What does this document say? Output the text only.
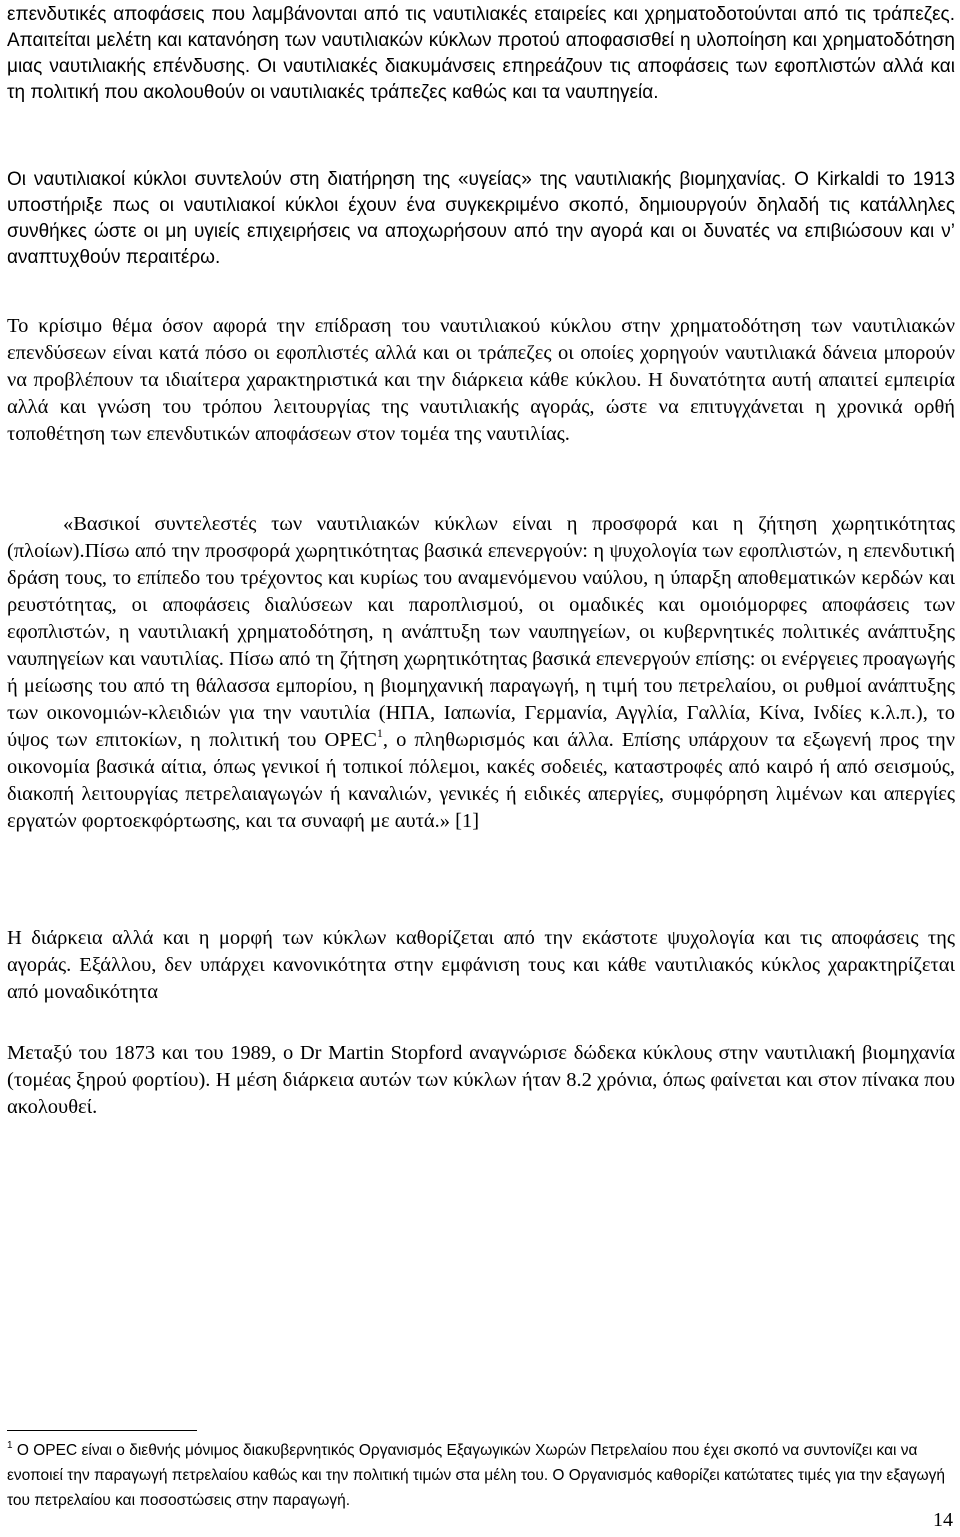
επενδυτικές αποφάσεις που λαμβάνονται από τις ναυτιλιακές εταιρείες και χρηματοδοτούνται από τις τράπεζες. Απαιτείται μελέτη και κατανόηση των ναυτιλιακών κύκλων προτού αποφασισθεί η υλοποίηση και χρηματοδότηση μιας ναυτιλιακής επένδυσης. Οι ναυτιλιακές διακυμάνσεις επηρεάζουν τις αποφάσεις των εφοπλιστών αλλά και τη πολιτική που ακολουθούν οι ναυτιλιακές τράπεζες καθώς και τα ναυπηγεία.

Οι ναυτιλιακοί κύκλοι συντελούν στη διατήρηση της «υγείας» της ναυτιλιακής βιομηχανίας. Ο Kirkaldi το 1913 υποστήριξε πως οι ναυτιλιακοί κύκλοι έχουν ένα συγκεκριμένο σκοπό, δημιουργούν δηλαδή τις κατάλληλες συνθήκες ώστε οι μη υγιείς επιχειρήσεις να αποχωρήσουν από την αγορά και οι δυνατές να επιβιώσουν και ν’ αναπτυχθούν περαιτέρω.

Το κρίσιμο θέμα όσον αφορά την επίδραση του ναυτιλιακού κύκλου στην χρηματοδότηση των ναυτιλιακών επενδύσεων είναι κατά πόσο οι εφοπλιστές αλλά και οι τράπεζες οι οποίες χορηγούν ναυτιλιακά δάνεια μπορούν να προβλέπουν τα ιδιαίτερα χαρακτηριστικά και την διάρκεια κάθε κύκλου. Η δυνατότητα αυτή απαιτεί εμπειρία αλλά και γνώση του τρόπου λειτουργίας της ναυτιλιακής αγοράς, ώστε να επιτυγχάνεται η χρονικά ορθή τοποθέτηση των επενδυτικών αποφάσεων στον τομέα της ναυτιλίας.

«Βασικοί συντελεστές των ναυτιλιακών κύκλων είναι η προσφορά και η ζήτηση χωρητικότητας (πλοίων).Πίσω από την προσφορά χωρητικότητας βασικά επενεργούν: η ψυχολογία των εφοπλιστών, η επενδυτική δράση τους, το επίπεδο του τρέχοντος και κυρίως του αναμενόμενου ναύλου, η ύπαρξη αποθεματικών κερδών και ρευστότητας, οι αποφάσεις διαλύσεων και παροπλισμού, οι ομαδικές και ομοιόμορφες αποφάσεις των εφοπλιστών, η ναυτιλιακή χρηματοδότηση, η ανάπτυξη των ναυπηγείων, οι κυβερνητικές πολιτικές ανάπτυξης ναυπηγείων και ναυτιλίας. Πίσω από τη ζήτηση χωρητικότητας βασικά επενεργούν επίσης: οι ενέργειες προαγωγής ή μείωσης του από τη θάλασσα εμπορίου, η βιομηχανική παραγωγή, η τιμή του πετρελαίου, οι ρυθμοί ανάπτυξης των οικονομιών-κλειδιών για την ναυτιλία (ΗΠΑ, Ιαπωνία, Γερμανία, Αγγλία, Γαλλία, Κίνα, Ινδίες κ.λ.π.), το ύψος των επιτοκίων, η πολιτική του OPEC$^1$, ο πληθωρισμός και άλλα. Επίσης υπάρχουν τα εξωγενή προς την οικονομία βασικά αίτια, όπως γενικοί ή τοπικοί πόλεμοι, κακές σοδειές, καταστροφές από καιρό ή από σεισμούς, διακοπή λειτουργίας πετρελαιαγωγών ή καναλιών, γενικές ή ειδικές απεργίες, συμφόρηση λιμένων και απεργίες εργατών φορτοεκφόρτωσης, και τα συναφή με αυτά.» [1]

Η διάρκεια αλλά και η μορφή των κύκλων καθορίζεται από την εκάστοτε ψυχολογία και τις αποφάσεις της αγοράς. Εξάλλου, δεν υπάρχει κανονικότητα στην εμφάνιση τους και κάθε ναυτιλιακός κύκλος χαρακτηρίζεται από μοναδικότητα

Μεταξύ του 1873 και του 1989, ο Dr Martin Stopford αναγνώρισε δώδεκα κύκλους στην ναυτιλιακή βιομηχανία (τομέας ξηρού φορτίου). Η μέση διάρκεια αυτών των κύκλων ήταν 8.2 χρόνια, όπως φαίνεται και στον πίνακα που ακολουθεί.

$^1$ Ο OPEC είναι ο διεθνής μόνιμος διακυβερνητικός Οργανισμός Εξαγωγικών Χωρών Πετρελαίου που έχει σκοπό να συντονίζει και να ενοποιεί την παραγωγή πετρελαίου καθώς και την πολιτική τιμών στα μέλη του. Ο Οργανισμός καθορίζει κατώτατες τιμές για την εξαγωγή του πετρελαίου και ποσοστώσεις στην παραγωγή.

14
